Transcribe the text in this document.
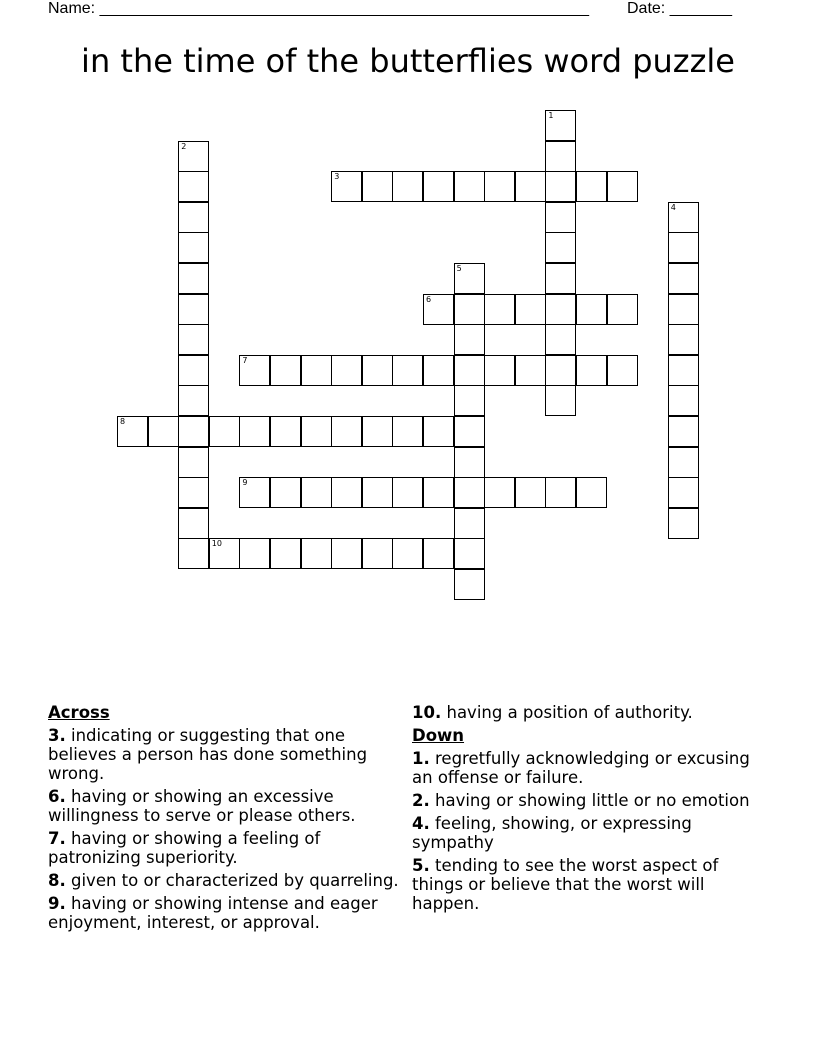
Name: _______________________________________________________ Date: _______
in the time of the butterflies word puzzle
1
2
3
4
5
6
7
8
9
10
Across
3. indicating or suggesting that one believes a person has done something wrong.
6. having or showing an excessive willingness to serve or please others.
7. having or showing a feeling of patronizing superiority.
8. given to or characterized by quarreling.
9. having or showing intense and eager enjoyment, interest, or approval.
10. having a position of authority.
Down
1. regretfully acknowledging or excusing an offense or failure.
2. having or showing little or no emotion
4. feeling, showing, or expressing sympathy
5. tending to see the worst aspect of things or believe that the worst will happen.
